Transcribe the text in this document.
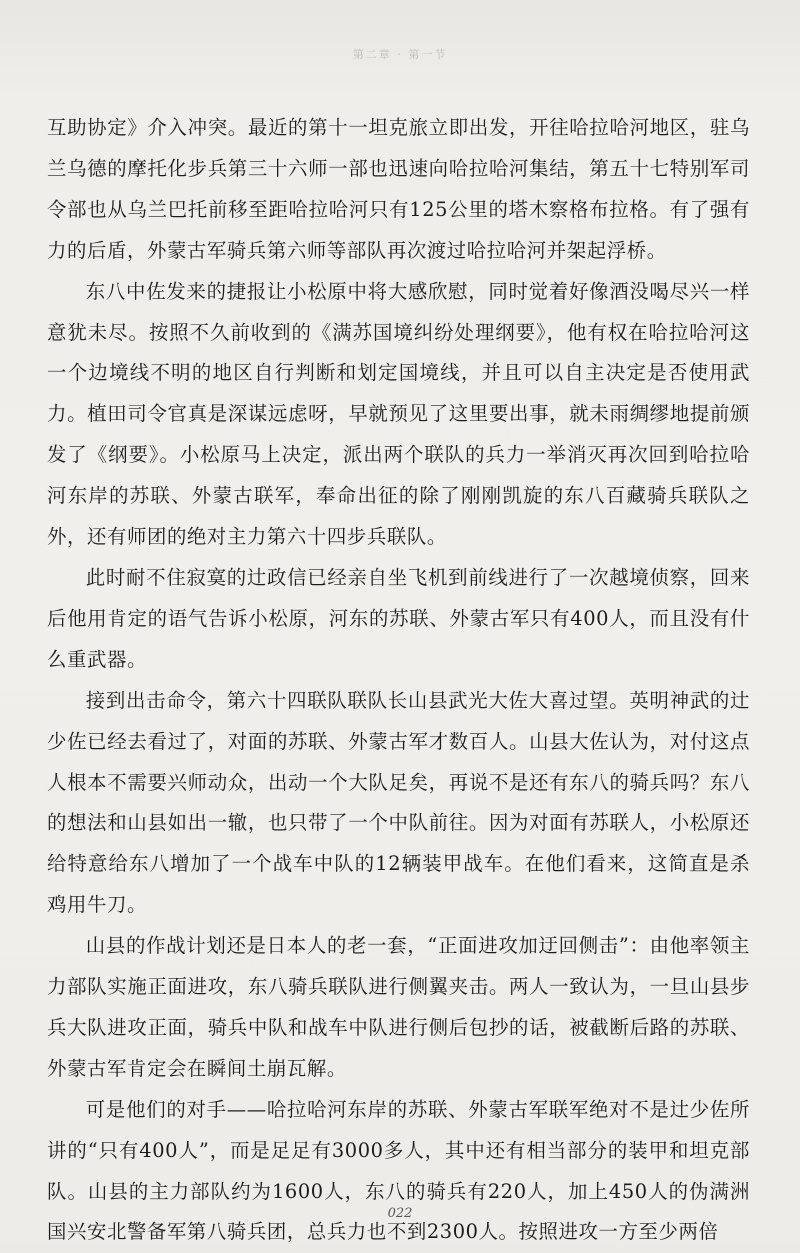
第二章 · 第一节

互助协定》介入冲突。最近的第十一坦克旅立即出发，开往哈拉哈河地区，驻乌兰乌德的摩托化步兵第三十六师一部也迅速向哈拉哈河集结，第五十七特别军司令部也从乌兰巴托前移至距哈拉哈河只有125公里的塔木察格布拉格。有了强有力的后盾，外蒙古军骑兵第六师等部队再次渡过哈拉哈河并架起浮桥。

东八中佐发来的捷报让小松原中将大感欣慰，同时觉着好像酒没喝尽兴一样意犹未尽。按照不久前收到的《满苏国境纠纷处理纲要》，他有权在哈拉哈河这一个边境线不明的地区自行判断和划定国境线，并且可以自主决定是否使用武力。植田司令官真是深谋远虑呀，早就预见了这里要出事，就未雨绸缪地提前颁发了《纲要》。小松原马上决定，派出两个联队的兵力一举消灭再次回到哈拉哈河东岸的苏联、外蒙古联军，奉命出征的除了刚刚凯旋的东八百藏骑兵联队之外，还有师团的绝对主力第六十四步兵联队。

此时耐不住寂寞的辻政信已经亲自坐飞机到前线进行了一次越境侦察，回来后他用肯定的语气告诉小松原，河东的苏联、外蒙古军只有400人，而且没有什么重武器。

接到出击命令，第六十四联队联队长山县武光大佐大喜过望。英明神武的辻少佐已经去看过了，对面的苏联、外蒙古军才数百人。山县大佐认为，对付这点人根本不需要兴师动众，出动一个大队足矣，再说不是还有东八的骑兵吗？东八的想法和山县如出一辙，也只带了一个中队前往。因为对面有苏联人，小松原还给特意给东八增加了一个战车中队的12辆装甲战车。在他们看来，这简直是杀鸡用牛刀。

山县的作战计划还是日本人的老一套，“正面进攻加迂回侧击”：由他率领主力部队实施正面进攻，东八骑兵联队进行侧翼夹击。两人一致认为，一旦山县步兵大队进攻正面，骑兵中队和战车中队进行侧后包抄的话，被截断后路的苏联、外蒙古军肯定会在瞬间土崩瓦解。

可是他们的对手——哈拉哈河东岸的苏联、外蒙古军联军绝对不是辻少佐所讲的“只有400人”，而是足足有3000多人，其中还有相当部分的装甲和坦克部队。山县的主力部队约为1600人，东八的骑兵有220人，加上450人的伪满洲国兴安北警备军第八骑兵团，总兵力也不到2300人。按照进攻一方至少两倍

022
